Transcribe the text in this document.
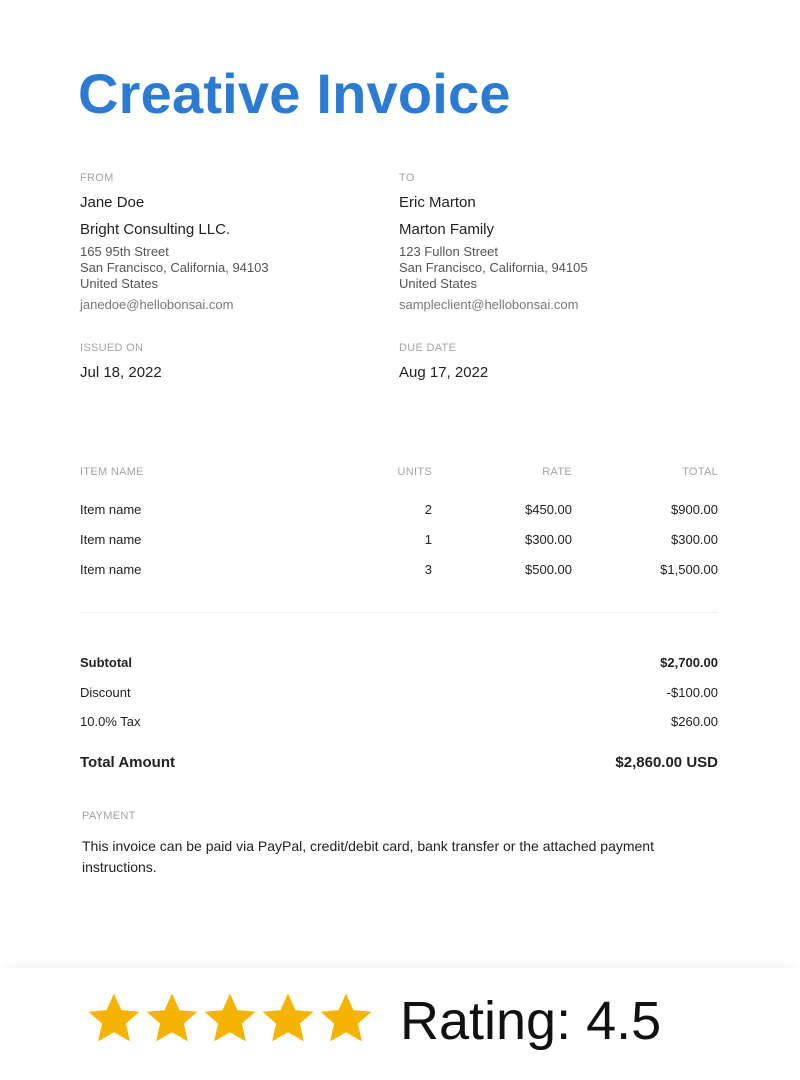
Creative Invoice
FROM
Jane Doe
Bright Consulting LLC.
165 95th Street
San Francisco, California, 94103
United States
janedoe@hellobonsai.com
TO
Eric Marton
Marton Family
123 Fullon Street
San Francisco, California, 94105
United States
sampleclient@hellobonsai.com
ISSUED ON
Jul 18, 2022
DUE DATE
Aug 17, 2022
ITEM NAME	UNITS	RATE	TOTAL
Item name	2	$450.00	$900.00
Item name	1	$300.00	$300.00
Item name	3	$500.00	$1,500.00
Subtotal	$2,700.00
Discount	-$100.00
10.0% Tax	$260.00
Total Amount	$2,860.00 USD
PAYMENT
This invoice can be paid via PayPal, credit/debit card, bank transfer or the attached payment instructions.
Rating: 4.5
